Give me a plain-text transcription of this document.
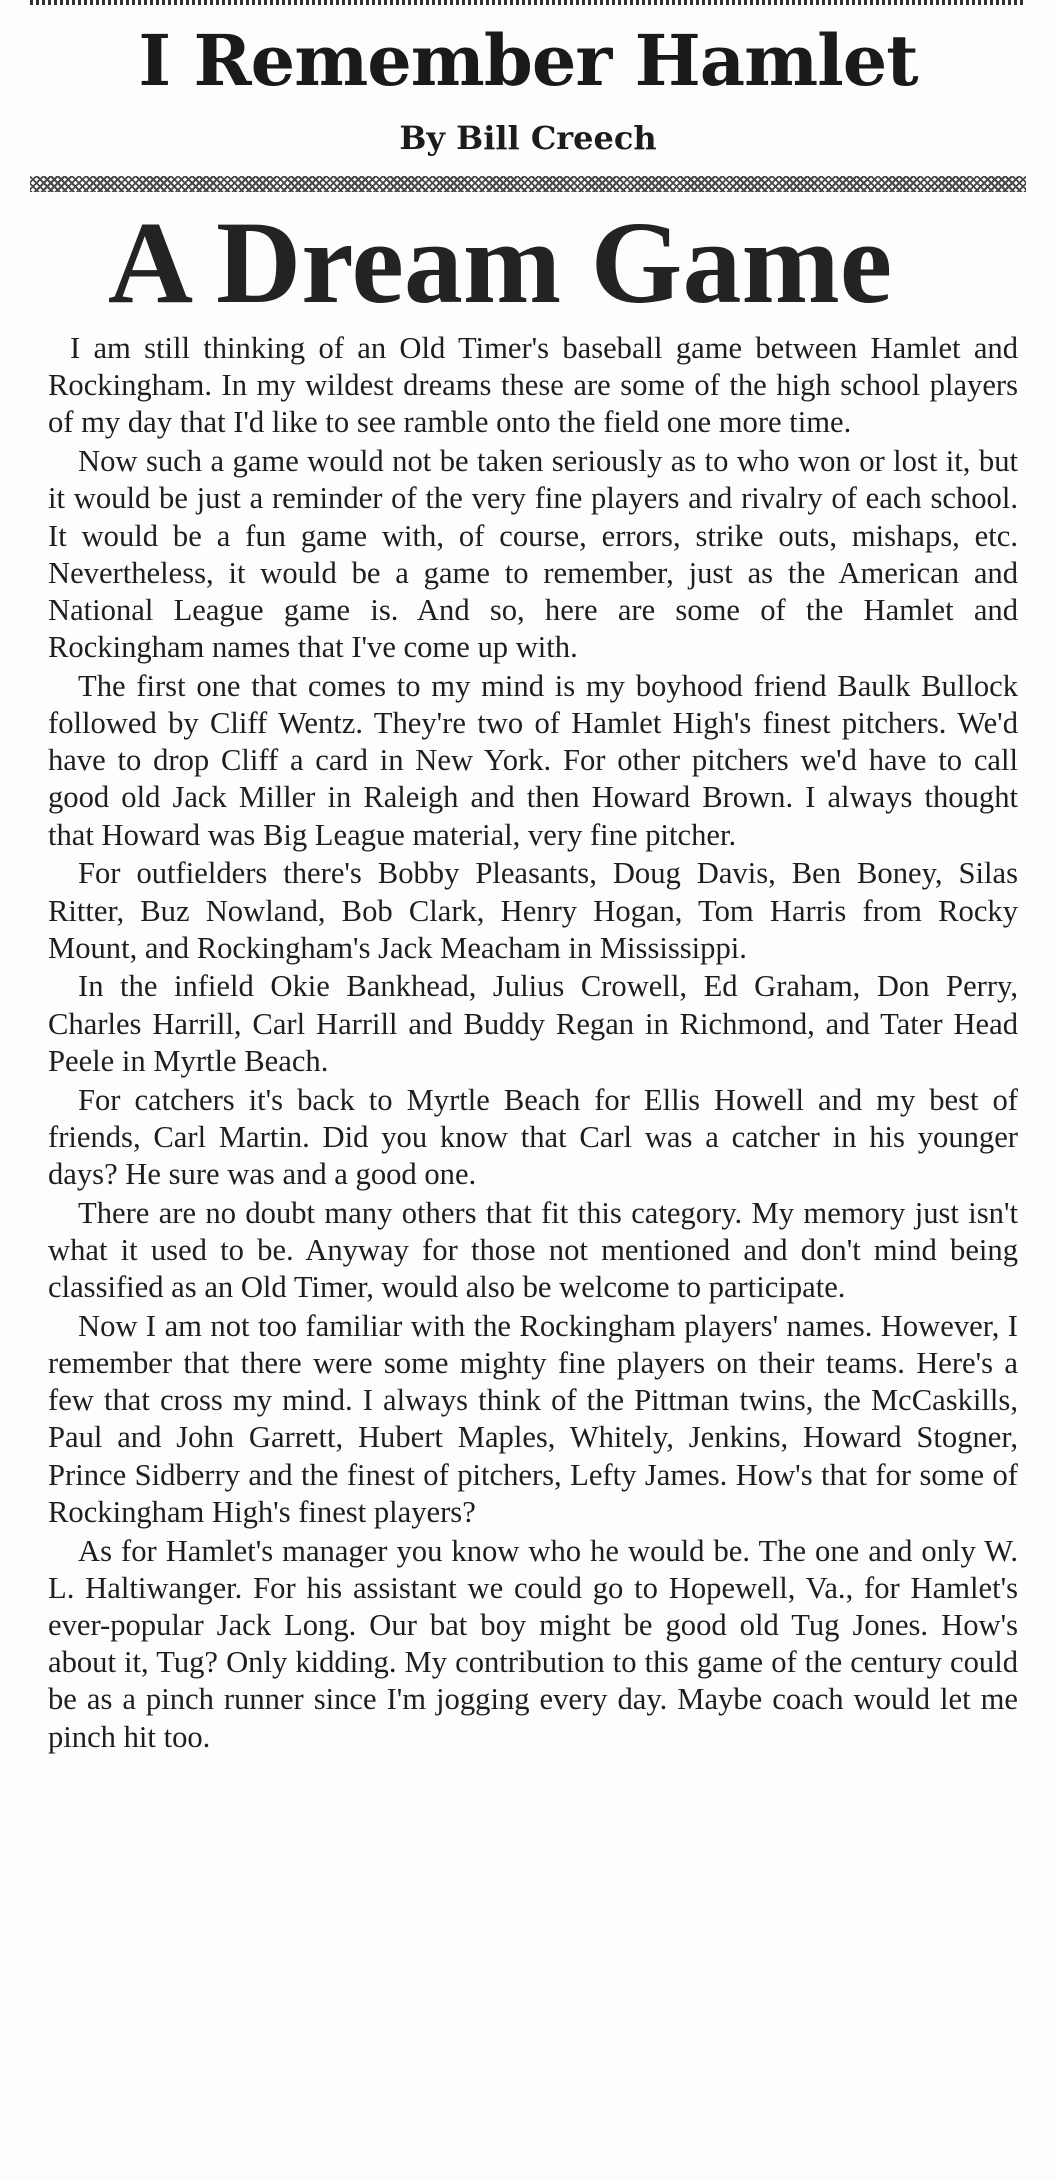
I Remember Hamlet
By Bill Creech
A Dream Game

I am still thinking of an Old Timer's baseball game between Hamlet and Rockingham. In my wildest dreams these are some of the high school players of my day that I'd like to see ramble onto the field one more time.

Now such a game would not be taken seriously as to who won or lost it, but it would be just a reminder of the very fine players and rivalry of each school. It would be a fun game with, of course, errors, strike outs, mishaps, etc. Nevertheless, it would be a game to remember, just as the American and National League game is. And so, here are some of the Hamlet and Rockingham names that I've come up with.

The first one that comes to my mind is my boyhood friend Baulk Bullock followed by Cliff Wentz. They're two of Hamlet High's finest pitchers. We'd have to drop Cliff a card in New York. For other pitchers we'd have to call good old Jack Miller in Raleigh and then Howard Brown. I always thought that Howard was Big League material, very fine pitcher.

For outfielders there's Bobby Pleasants, Doug Davis, Ben Boney, Silas Ritter, Buz Nowland, Bob Clark, Henry Hogan, Tom Harris from Rocky Mount, and Rockingham's Jack Meacham in Mississippi.

In the infield Okie Bankhead, Julius Crowell, Ed Graham, Don Perry, Charles Harrill, Carl Harrill and Buddy Regan in Richmond, and Tater Head Peele in Myrtle Beach.

For catchers it's back to Myrtle Beach for Ellis Howell and my best of friends, Carl Martin. Did you know that Carl was a catcher in his younger days? He sure was and a good one.

There are no doubt many others that fit this category. My memory just isn't what it used to be. Anyway for those not mentioned and don't mind being classified as an Old Timer, would also be welcome to participate.

Now I am not too familiar with the Rockingham players' names. However, I remember that there were some mighty fine players on their teams. Here's a few that cross my mind. I always think of the Pittman twins, the McCaskills, Paul and John Garrett, Hubert Maples, Whitely, Jenkins, Howard Stogner, Prince Sidberry and the finest of pitchers, Lefty James. How's that for some of Rockingham High's finest players?

As for Hamlet's manager you know who he would be. The one and only W. L. Haltiwanger. For his assistant we could go to Hopewell, Va., for Hamlet's ever-popular Jack Long. Our bat boy might be good old Tug Jones. How's about it, Tug? Only kidding. My contribution to this game of the century could be as a pinch runner since I'm jogging every day. Maybe coach would let me pinch hit too.
